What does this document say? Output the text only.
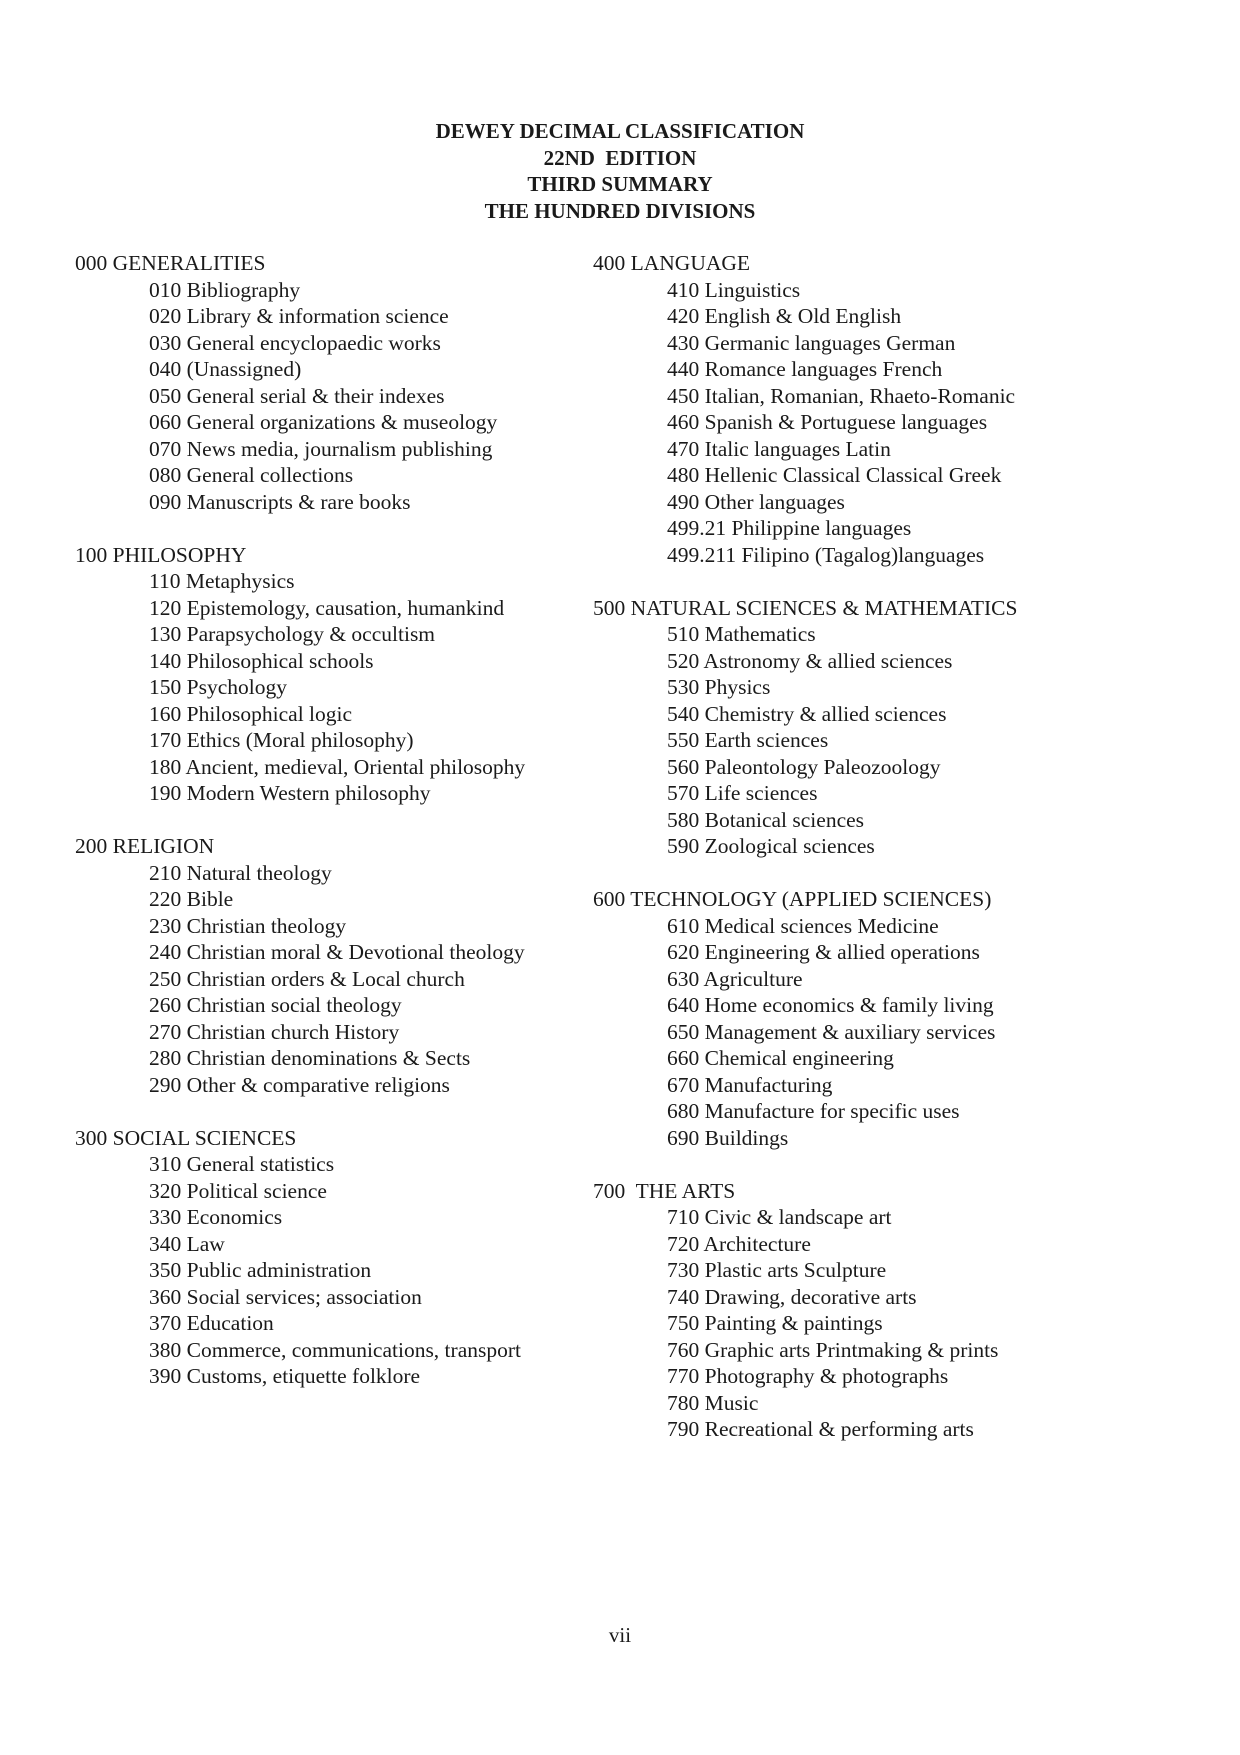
DEWEY DECIMAL CLASSIFICATION
22ND  EDITION
THIRD SUMMARY
THE HUNDRED DIVISIONS
000 GENERALITIES
010 Bibliography
020 Library & information science
030 General encyclopaedic works
040 (Unassigned)
050 General serial & their indexes
060 General organizations & museology
070 News media, journalism publishing
080 General collections
090 Manuscripts & rare books
100 PHILOSOPHY
110 Metaphysics
120 Epistemology, causation, humankind
130 Parapsychology & occultism
140 Philosophical schools
150 Psychology
160 Philosophical logic
170 Ethics (Moral philosophy)
180 Ancient, medieval, Oriental philosophy
190 Modern Western philosophy
200 RELIGION
210 Natural theology
220 Bible
230 Christian theology
240 Christian moral & Devotional theology
250 Christian orders & Local church
260 Christian social theology
270 Christian church History
280 Christian denominations & Sects
290 Other & comparative religions
300 SOCIAL SCIENCES
310 General statistics
320 Political science
330 Economics
340 Law
350 Public administration
360 Social services; association
370 Education
380 Commerce, communications, transport
390 Customs, etiquette folklore
400 LANGUAGE
410 Linguistics
420 English & Old English
430 Germanic languages German
440 Romance languages French
450 Italian, Romanian, Rhaeto-Romanic
460 Spanish & Portuguese languages
470 Italic languages Latin
480 Hellenic Classical Classical Greek
490 Other languages
499.21 Philippine languages
499.211 Filipino (Tagalog)languages
500 NATURAL SCIENCES & MATHEMATICS
510 Mathematics
520 Astronomy & allied sciences
530 Physics
540 Chemistry & allied sciences
550 Earth sciences
560 Paleontology Paleozoology
570 Life sciences
580 Botanical sciences
590 Zoological sciences
600 TECHNOLOGY (APPLIED SCIENCES)
610 Medical sciences Medicine
620 Engineering & allied operations
630 Agriculture
640 Home economics & family living
650 Management & auxiliary services
660 Chemical engineering
670 Manufacturing
680 Manufacture for specific uses
690 Buildings
700  THE ARTS
710 Civic & landscape art
720 Architecture
730 Plastic arts Sculpture
740 Drawing, decorative arts
750 Painting & paintings
760 Graphic arts Printmaking & prints
770 Photography & photographs
780 Music
790 Recreational & performing arts
vii
